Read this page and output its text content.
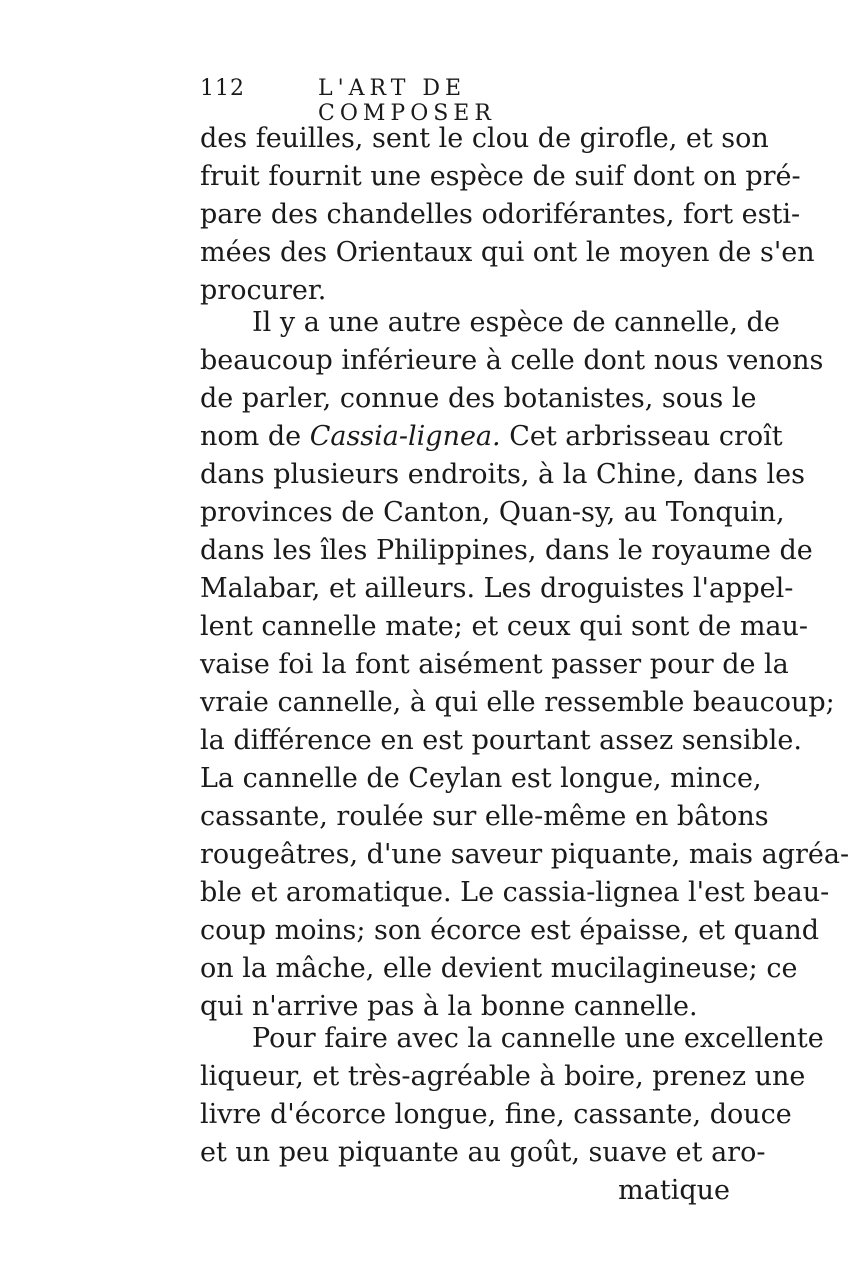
112	L'ART DE COMPOSER
des feuilles, sent le clou de girofle, et son
fruit fournit une espèce de suif dont on pré-
pare des chandelles odoriférantes, fort esti-
mées des Orientaux qui ont le moyen de s'en
procurer.
Il y a une autre espèce de cannelle, de
beaucoup inférieure à celle dont nous venons
de parler, connue des botanistes, sous le
nom de Cassia-lignea. Cet arbrisseau croît
dans plusieurs endroits, à la Chine, dans les
provinces de Canton, Quan-sy, au Tonquin,
dans les îles Philippines, dans le royaume de
Malabar, et ailleurs. Les droguistes l'appel-
lent cannelle mate; et ceux qui sont de mau-
vaise foi la font aisément passer pour de la
vraie cannelle, à qui elle ressemble beaucoup;
la différence en est pourtant assez sensible.
La cannelle de Ceylan est longue, mince,
cassante, roulée sur elle-même en bâtons
rougeâtres, d'une saveur piquante, mais agréa-
ble et aromatique. Le cassia-lignea l'est beau-
coup moins; son écorce est épaisse, et quand
on la mâche, elle devient mucilagineuse; ce
qui n'arrive pas à la bonne cannelle.
Pour faire avec la cannelle une excellente
liqueur, et très-agréable à boire, prenez une
livre d'écorce longue, fine, cassante, douce
et un peu piquante au goût, suave et aro-
matique
